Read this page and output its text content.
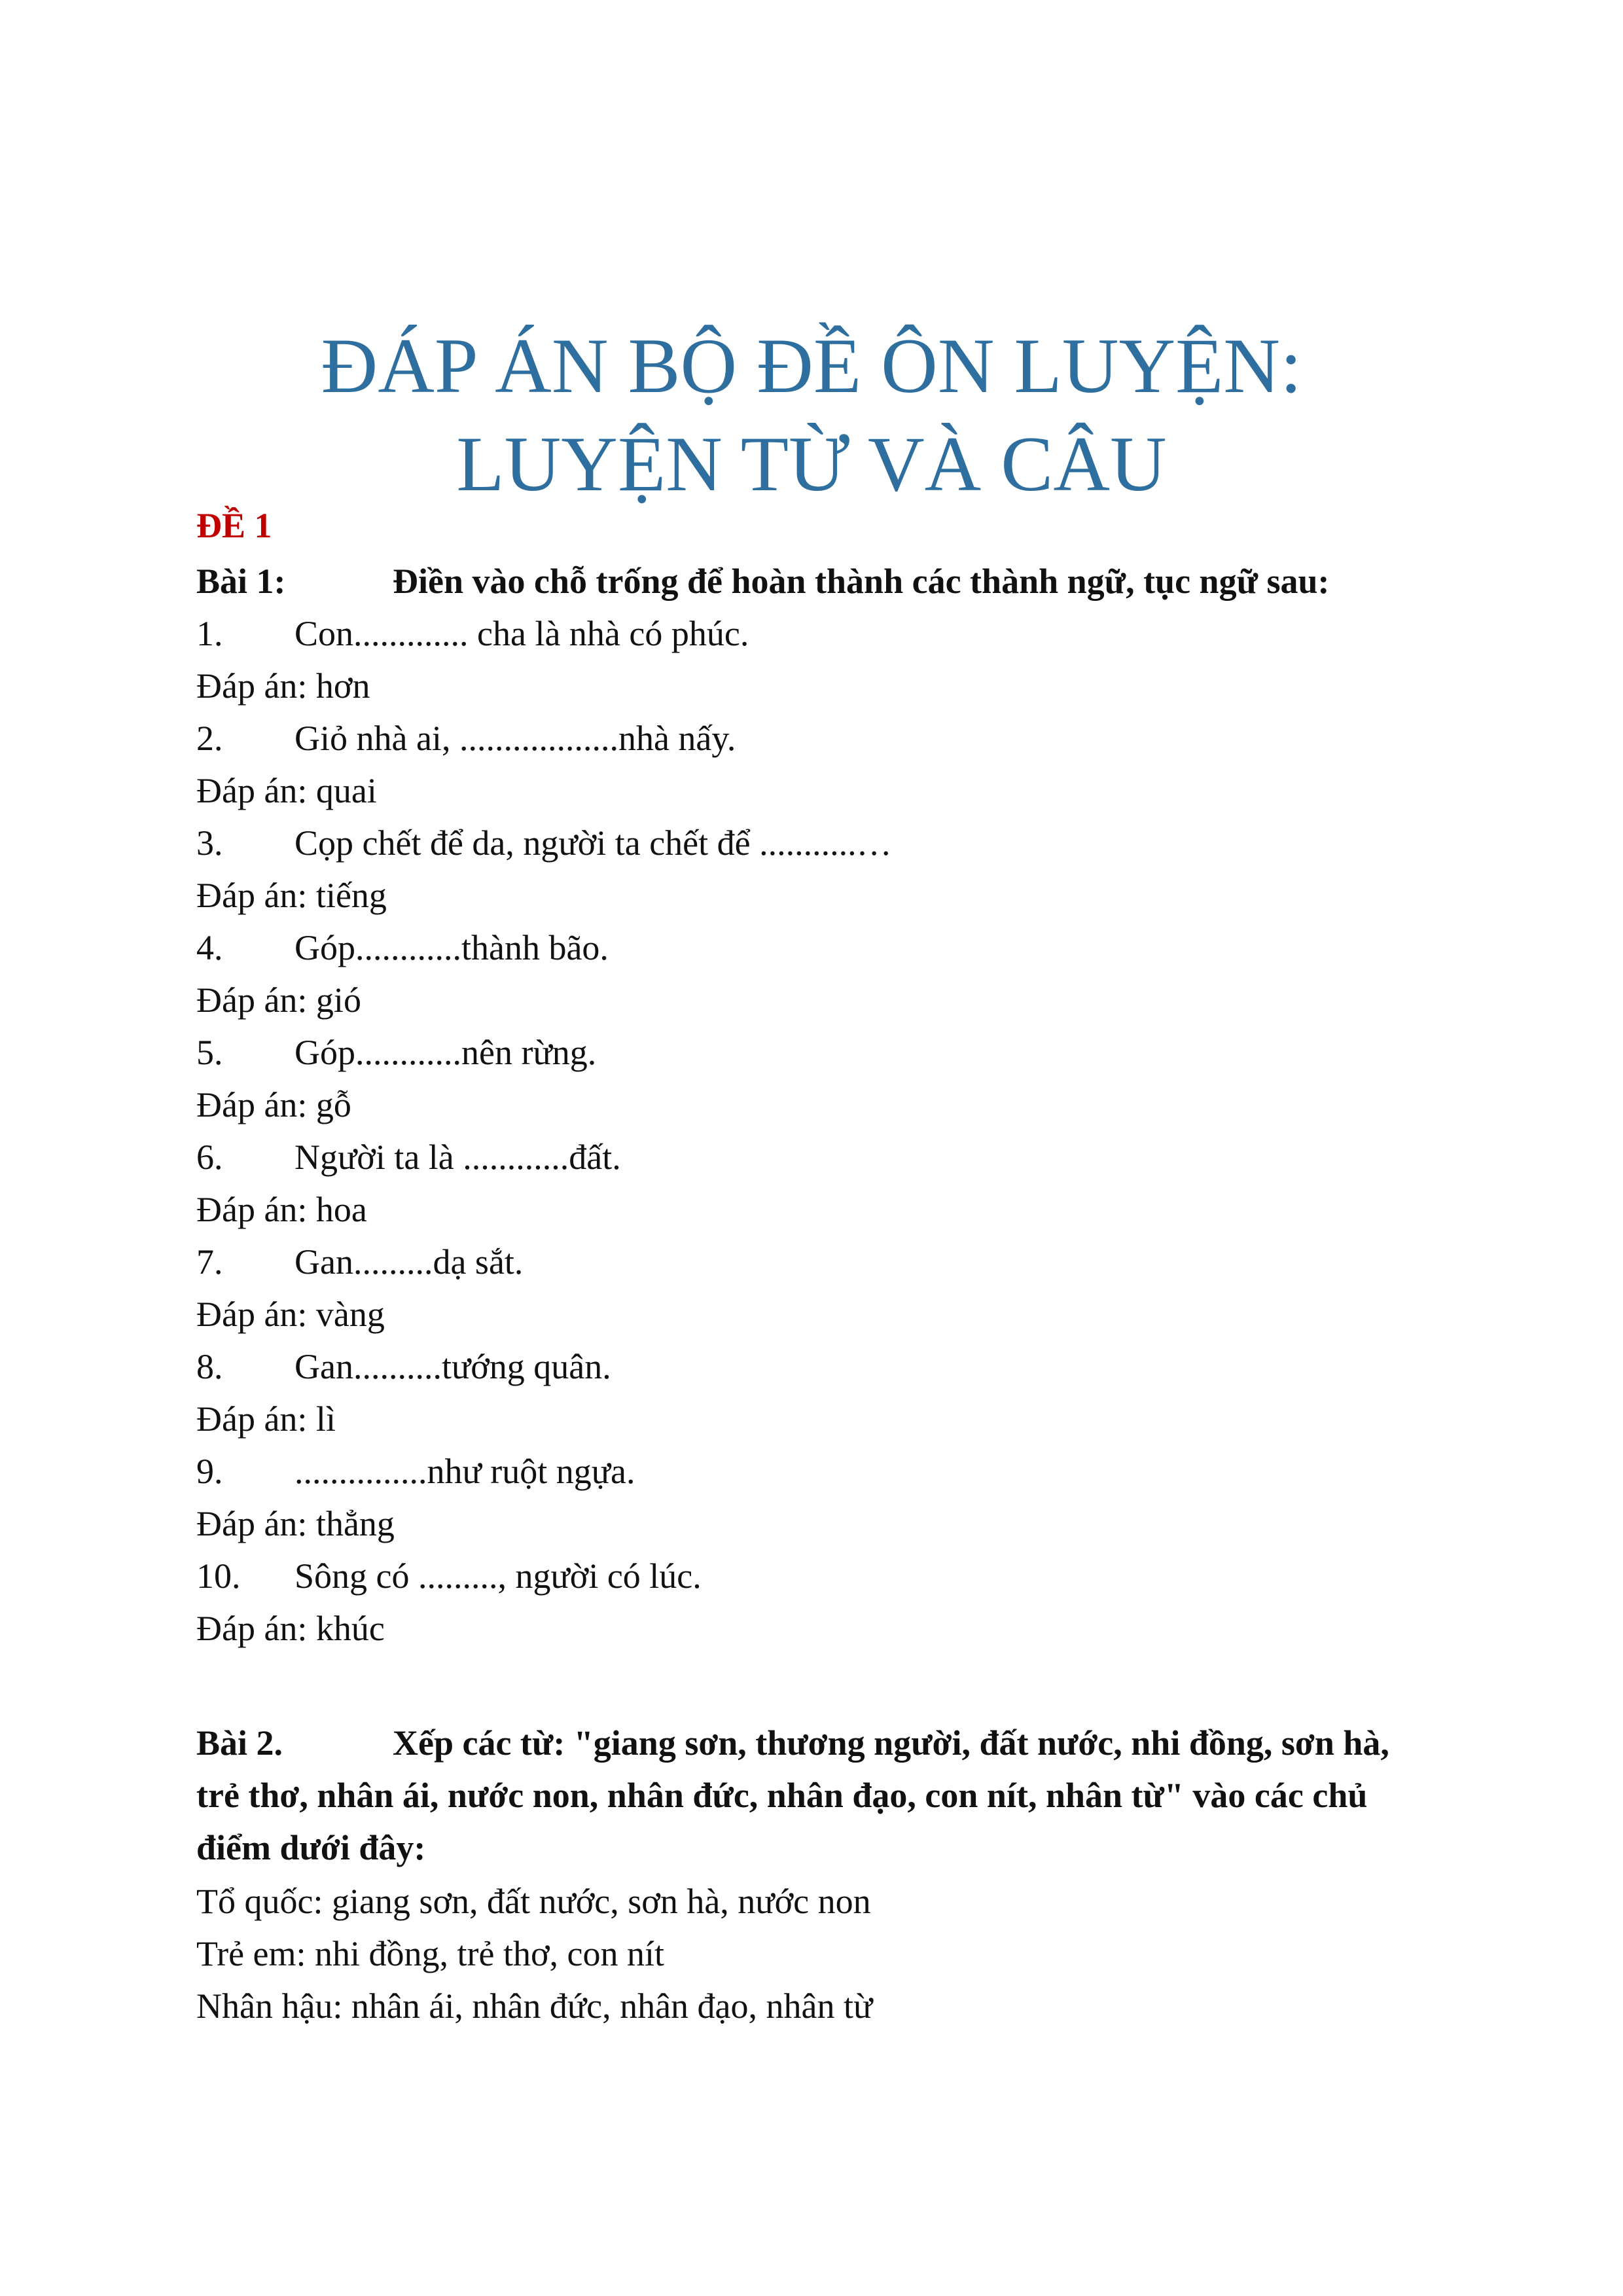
ĐÁP ÁN BỘ ĐỀ ÔN LUYỆN:
LUYỆN TỪ VÀ CÂU
ĐỀ 1
Bài 1:	Điền vào chỗ trống để hoàn thành các thành ngữ, tục ngữ sau:
1. Con............. cha là nhà có phúc.
Đáp án: hơn
2. Giỏ nhà ai, ..................nhà nấy.
Đáp án: quai
3. Cọp chết để da, người ta chết để ...........…
Đáp án: tiếng
4. Góp............thành bão.
Đáp án: gió
5. Góp............nên rừng.
Đáp án: gỗ
6. Người ta là ............đất.
Đáp án: hoa
7. Gan.........dạ sắt.
Đáp án: vàng
8. Gan..........tướng quân.
Đáp án: lì
9. ...............như ruột ngựa.
Đáp án: thẳng
10. Sông có ........., người có lúc.
Đáp án: khúc
Bài 2.	Xếp các từ: "giang sơn, thương người, đất nước, nhi đồng, sơn hà, trẻ thơ, nhân ái, nước non, nhân đức, nhân đạo, con nít, nhân từ" vào các chủ điểm dưới đây:
Tổ quốc: giang sơn, đất nước, sơn hà, nước non
Trẻ em: nhi đồng, trẻ thơ, con nít
Nhân hậu: nhân ái, nhân đức, nhân đạo, nhân từ
